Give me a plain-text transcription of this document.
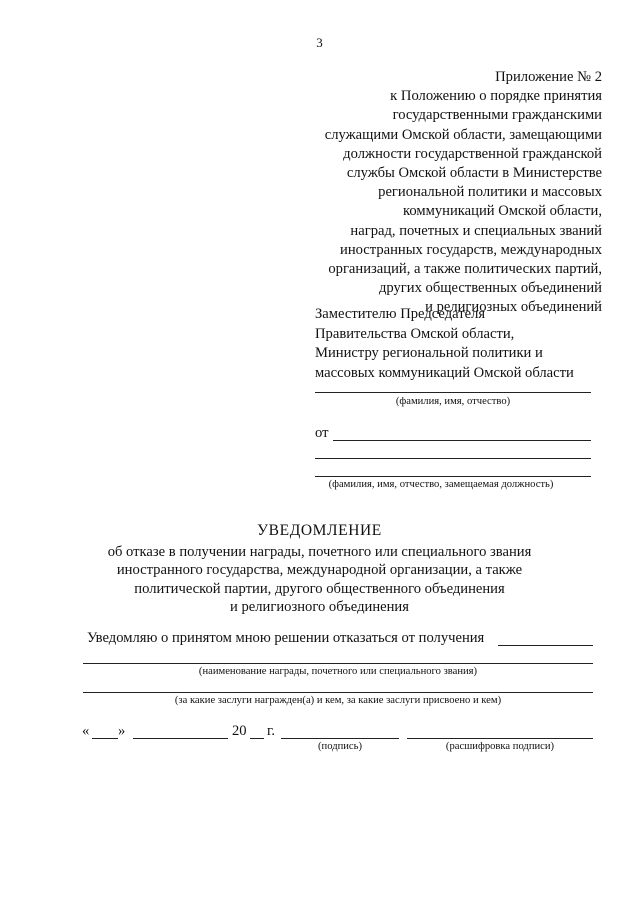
3
Приложение № 2
к Положению о порядке принятия
государственными гражданскими
служащими Омской области, замещающими
должности государственной гражданской
службы Омской области в Министерстве
региональной политики и массовых
коммуникаций Омской области,
наград, почетных и специальных званий
иностранных государств, международных
организаций, а также политических партий,
других общественных объединений
и религиозных объединений
Заместителю Председателя
Правительства Омской области,
Министру региональной политики и
массовых коммуникаций Омской области
(фамилия, имя, отчество)
от
(фамилия, имя, отчество, замещаемая должность)
УВЕДОМЛЕНИЕ
об отказе в получении награды, почетного или специального звания
иностранного государства, международной организации, а также
политической партии, другого общественного объединения
и религиозного объединения
Уведомляю о принятом мною решении отказаться от получения
(наименование награды, почетного или специального звания)
(за какие заслуги награжден(а) и кем, за какие заслуги присвоено и кем)
« »	20 г.
(подпись)	(расшифровка подписи)
